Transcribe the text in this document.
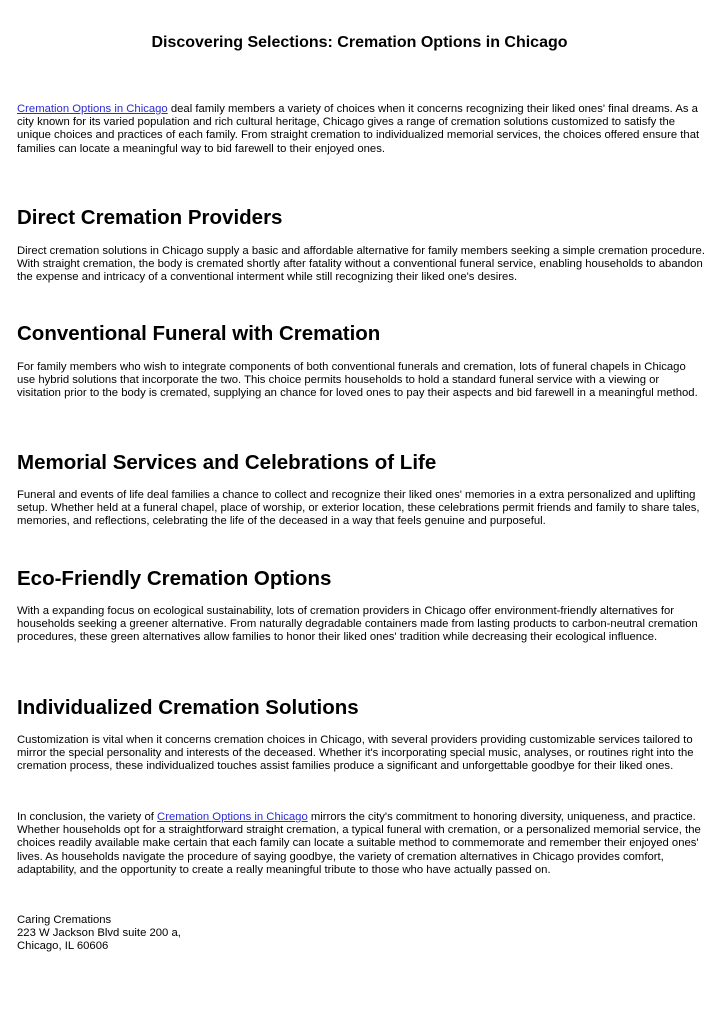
Discovering Selections: Cremation Options in Chicago

Cremation Options in Chicago deal family members a variety of choices when it concerns recognizing their liked ones' final dreams. As a city known for its varied population and rich cultural heritage, Chicago gives a range of cremation solutions customized to satisfy the unique choices and practices of each family. From straight cremation to individualized memorial services, the choices offered ensure that families can locate a meaningful way to bid farewell to their enjoyed ones.

Direct Cremation Providers

Direct cremation solutions in Chicago supply a basic and affordable alternative for family members seeking a simple cremation procedure. With straight cremation, the body is cremated shortly after fatality without a conventional funeral service, enabling households to abandon the expense and intricacy of a conventional interment while still recognizing their liked one's desires.

Conventional Funeral with Cremation

For family members who wish to integrate components of both conventional funerals and cremation, lots of funeral chapels in Chicago use hybrid solutions that incorporate the two. This choice permits households to hold a standard funeral service with a viewing or visitation prior to the body is cremated, supplying an chance for loved ones to pay their aspects and bid farewell in a meaningful method.

Memorial Services and Celebrations of Life

Funeral and events of life deal families a chance to collect and recognize their liked ones' memories in a extra personalized and uplifting setup. Whether held at a funeral chapel, place of worship, or exterior location, these celebrations permit friends and family to share tales, memories, and reflections, celebrating the life of the deceased in a way that feels genuine and purposeful.

Eco-Friendly Cremation Options

With a expanding focus on ecological sustainability, lots of cremation providers in Chicago offer environment-friendly alternatives for households seeking a greener alternative. From naturally degradable containers made from lasting products to carbon-neutral cremation procedures, these green alternatives allow families to honor their liked ones' tradition while decreasing their ecological influence.

Individualized Cremation Solutions

Customization is vital when it concerns cremation choices in Chicago, with several providers providing customizable services tailored to mirror the special personality and interests of the deceased. Whether it's incorporating special music, analyses, or routines right into the cremation process, these individualized touches assist families produce a significant and unforgettable goodbye for their liked ones.

In conclusion, the variety of Cremation Options in Chicago mirrors the city's commitment to honoring diversity, uniqueness, and practice. Whether households opt for a straightforward straight cremation, a typical funeral with cremation, or a personalized memorial service, the choices readily available make certain that each family can locate a suitable method to commemorate and remember their enjoyed ones' lives. As households navigate the procedure of saying goodbye, the variety of cremation alternatives in Chicago provides comfort, adaptability, and the opportunity to create a really meaningful tribute to those who have actually passed on.

Caring Cremations
223 W Jackson Blvd suite 200 a,
Chicago, IL 60606
